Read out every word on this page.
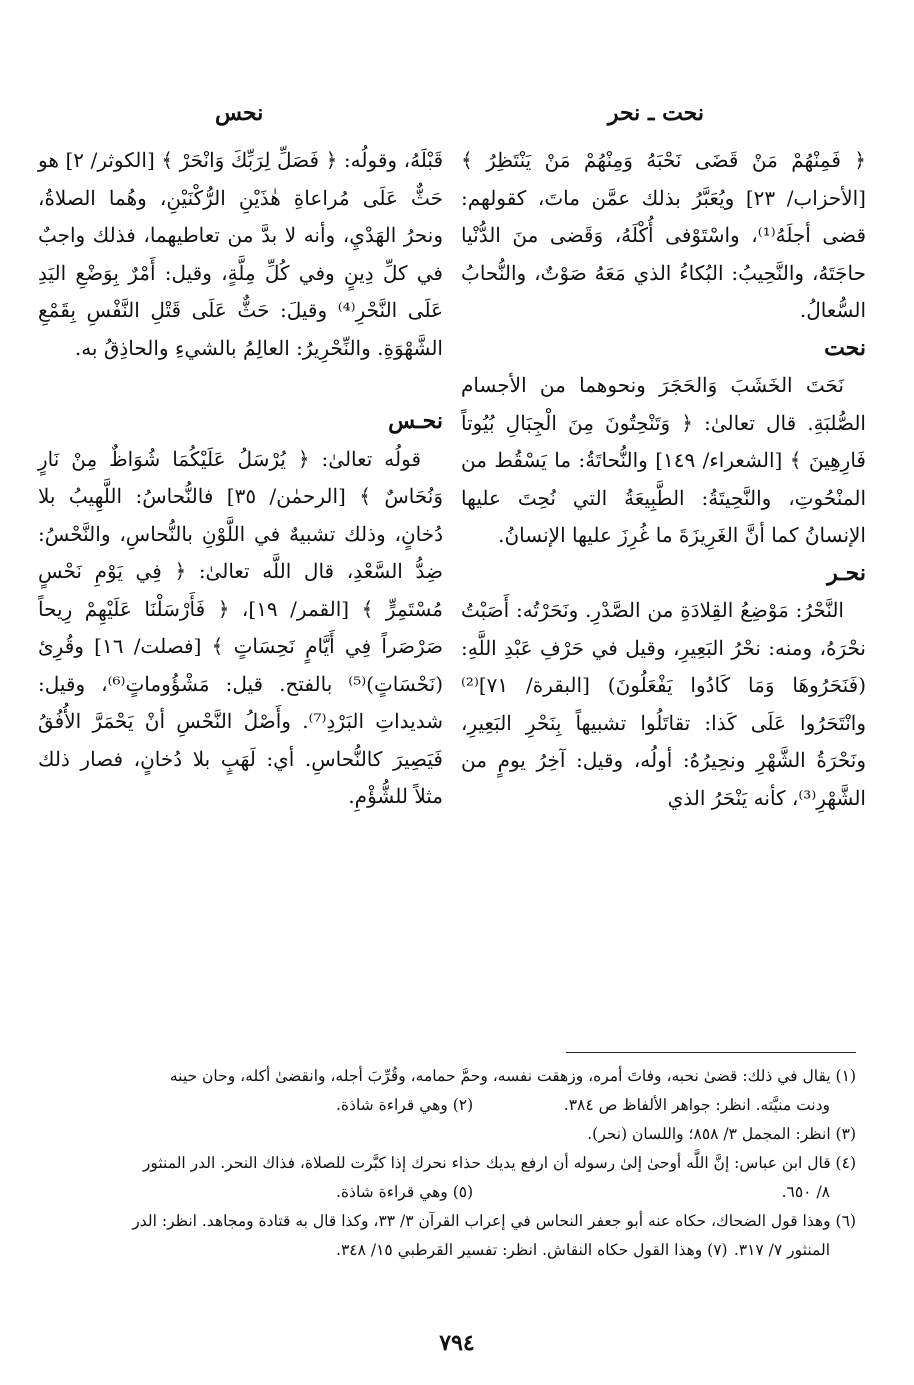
نحت ـ نحر
نحس

﴿ فَمِنْهُمْ مَنْ قَضَى نَحْبَهُ وَمِنْهُمْ مَنْ يَنْتَظِرُ ﴾ [الأحزاب/ ٢٣] ويُعَبَّرُ بذلك عمَّن ماتَ، كقولهم: قضى أجلَهُ⁽¹⁾، واسْتَوْفى أُكْلَهُ، وَقَضى منَ الدُّنْيا حاجَتَهُ، والنَّحِيبُ: البُكاءُ الذي مَعَهُ صَوْتٌ، والنُّحابُ السُّعالُ.

نحت

نَحَتَ الخَشَبَ وَالحَجَرَ ونحوهما من الأجسام الصُّلبَةِ. قال تعالىٰ: ﴿ وَتَنْحِتُونَ مِنَ الْجِبَالِ بُيُوتاً فَارِهِينَ ﴾ [الشعراء/ ١٤٩] والنُّحاتَةُ: ما يَسْقُط من المنْحُوتِ، والنَّحِيتَةُ: الطَّبِيعَةُ التي نُحِتَ عليها الإنسانُ كما أنَّ الغَرِيزَةَ ما غُرِزَ عليها الإنسانُ.

نحـر

النَّحْرُ: مَوْضِعُ القِلادَةِ من الصَّدْرِ. ونَحَرْتُه: أَصَبْتُ نحْرَهُ، ومنه: نحْرُ البَعِيرِ، وقيل في حَرْفِ عَبْدِ اللَّهِ: (فَنَحَرُوهَا وَمَا كَادُوا يَفْعَلُونَ) [البقرة/ ٧١]⁽²⁾ وانْتَحَرُوا عَلَى كَذا: تقاتَلُوا تشبيهاً بِنَحْرِ البَعِيرِ، ونَحْرَةُ الشَّهْرِ ونحِيرُهُ: أولُه، وقيل: آخِرُ يومٍ من الشَّهْرِ⁽³⁾، كأنه يَنْحَرُ الذي

قَبْلَهُ، وقولُه: ﴿ فَصَلِّ لِرَبِّكَ وَانْحَرْ ﴾ [الكوثر/ ٢] هو حَثٌّ عَلَى مُراعاةِ هٰذَيْنِ الرُّكْنَيْنِ، وهُما الصلاةُ، ونحرُ الهَدْيِ، وأنه لا بدَّ من تعاطيهما، فذلك واجبٌ في كلِّ دِينٍ وفي كُلِّ مِلَّةٍ، وقيل: أَمْرٌ بِوَضْعِ اليَدِ عَلَى النَّحْرِ⁽⁴⁾ وقيلَ: حَثٌّ عَلَى قَتْلِ النَّفْسِ بِقَمْعِ الشَّهْوَةِ. والنِّحْرِيرُ: العالِمُ بالشيءِ والحاذِقُ به.

نحـس

قولُه تعالىٰ: ﴿ يُرْسَلُ عَلَيْكُمَا شُوَاظٌ مِنْ نَارٍ وَنُحَاسٌ ﴾ [الرحمٰن/ ٣٥] فالنُّحاسُ: اللَّهِيبُ بلا دُخانٍ، وذلك تشبيهٌ في اللَّوْنِ بالنُّحاسِ، والنَّحْسُ: ضِدُّ السَّعْدِ، قال اللَّه تعالىٰ: ﴿ فِي يَوْمِ نَحْسٍ مُسْتَمِرٍّ ﴾ [القمر/ ١٩]، ﴿ فَأَرْسَلْنَا عَلَيْهِمْ رِيحاً صَرْصَراً فِي أَيَّامٍ نَحِسَاتٍ ﴾ [فصلت/ ١٦] وقُرِئ (نَحْسَاتٍ)⁽⁵⁾ بالفتح. قيل: مَشْؤُوماتٍ⁽⁶⁾، وقيل: شديداتِ البَرْدِ⁽⁷⁾. وأَصْلُ النَّحْسِ أنْ يَحْمَرَّ الأُفُقُ فَيَصِيرَ كالنُّحاسِ. أي: لَهَبٍ بلا دُخانٍ، فصار ذلك مثلاً للشُّؤْمِ.

(١) يقال في ذلك: قضىٰ نحبه، وفاتَ أمره، وزهقت نفسه، وحمَّ حمامه، وقُرِّبَ أجله، وانقضىٰ أكله، وحان حينه

ودنت منيَّته. انظر: جواهر الألفاظ ص ٣٨٤.
(٢) وهي قراءة شاذة.

(٣) انظر: المجمل ٣/ ٨٥٨؛ واللسان (نحر).

(٤) قال ابن عباس: إنَّ اللَّه أوحىٰ إلىٰ رسوله أن ارفع يديك حذاء نحرك إذا كبَّرت للصلاة، فذاك النحر. الدر المنثور

٨/ ٦٥٠.
(٥) وهي قراءة شاذة.

(٦) وهذا قول الضحاك، حكاه عنه أبو جعفر النحاس في إعراب القرآن ٣/ ٣٣، وكذا قال به قتادة ومجاهد. انظر: الدر

المنثور ٧/ ٣١٧.
(٧) وهذا القول حكاه النقاش. انظر: تفسير القرطبي ١٥/ ٣٤٨.
٧٩٤
